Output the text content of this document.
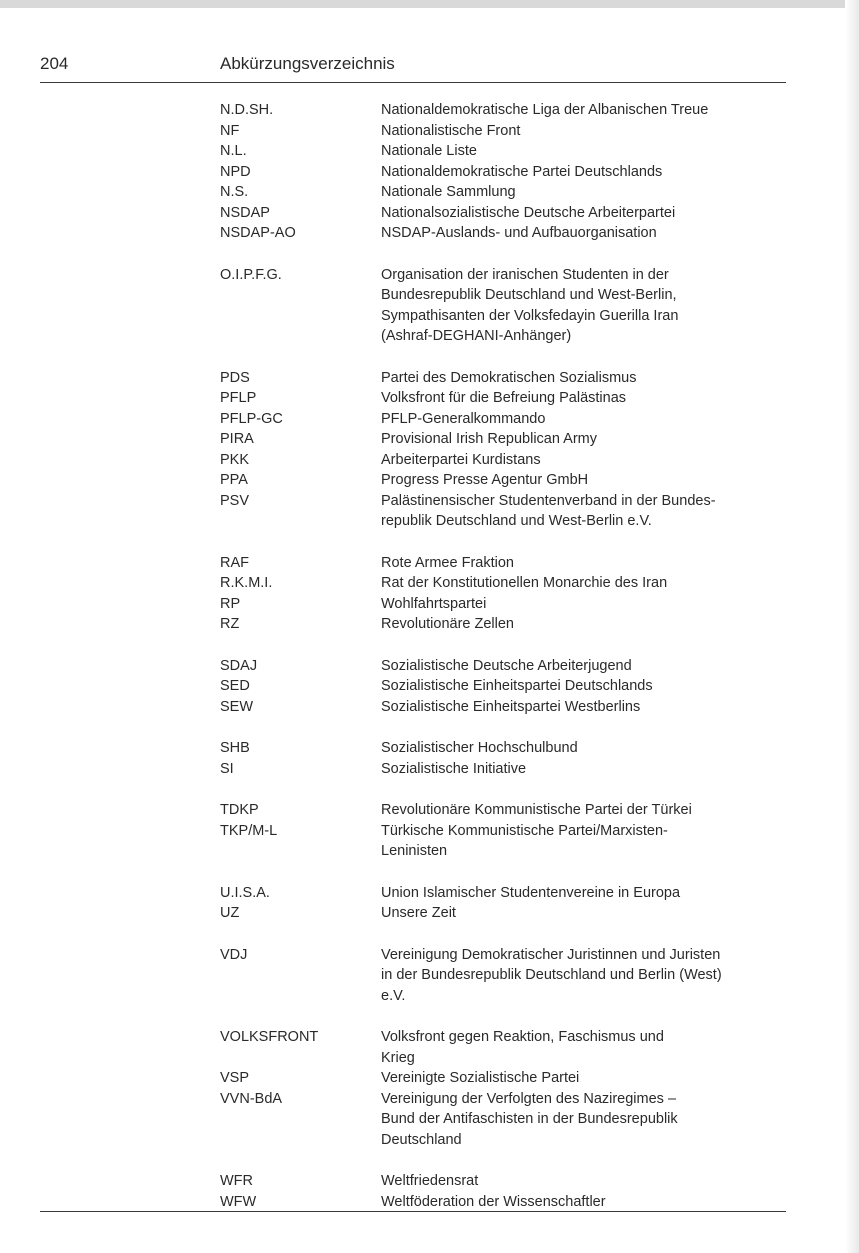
204	Abkürzungsverzeichnis
N.D.SH.	Nationaldemokratische Liga der Albanischen Treue
NF	Nationalistische Front
N.L.	Nationale Liste
NPD	Nationaldemokratische Partei Deutschlands
N.S.	Nationale Sammlung
NSDAP	Nationalsozialistische Deutsche Arbeiterpartei
NSDAP-AO	NSDAP-Auslands- und Aufbauorganisation
O.I.P.F.G.	Organisation der iranischen Studenten in der
Bundesrepublik Deutschland und West-Berlin,
Sympathisanten der Volksfedayin Guerilla Iran
(Ashraf-DEGHANI-Anhänger)
PDS	Partei des Demokratischen Sozialismus
PFLP	Volksfront für die Befreiung Palästinas
PFLP-GC	PFLP-Generalkommando
PIRA	Provisional Irish Republican Army
PKK	Arbeiterpartei Kurdistans
PPA	Progress Presse Agentur GmbH
PSV	Palästinensischer Studentenverband in der Bundes-
republik Deutschland und West-Berlin e.V.
RAF	Rote Armee Fraktion
R.K.M.I.	Rat der Konstitutionellen Monarchie des Iran
RP	Wohlfahrtspartei
RZ	Revolutionäre Zellen
SDAJ	Sozialistische Deutsche Arbeiterjugend
SED	Sozialistische Einheitspartei Deutschlands
SEW	Sozialistische Einheitspartei Westberlins
SHB	Sozialistischer Hochschulbund
SI	Sozialistische Initiative
TDKP	Revolutionäre Kommunistische Partei der Türkei
TKP/M-L	Türkische Kommunistische Partei/Marxisten-
Leninisten
U.I.S.A.	Union Islamischer Studentenvereine in Europa
UZ	Unsere Zeit
VDJ	Vereinigung Demokratischer Juristinnen und Juristen
in der Bundesrepublik Deutschland und Berlin (West)
e.V.
VOLKSFRONT	Volksfront gegen Reaktion, Faschismus und
Krieg
VSP	Vereinigte Sozialistische Partei
VVN-BdA	Vereinigung der Verfolgten des Naziregimes –
Bund der Antifaschisten in der Bundesrepublik
Deutschland
WFR	Weltfriedensrat
WFW	Weltföderation der Wissenschaftler
